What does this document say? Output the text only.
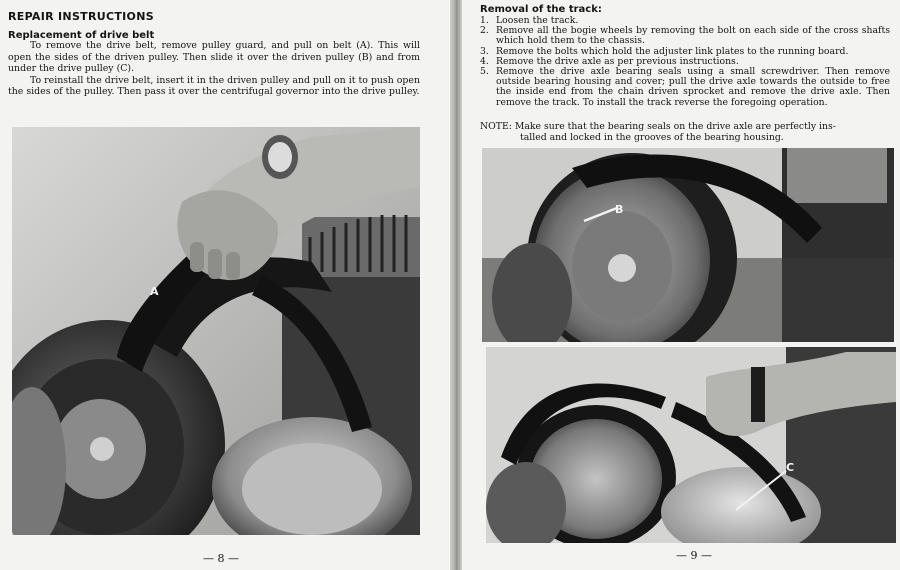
REPAIR INSTRUCTIONS
Replacement of drive belt

To remove the drive belt, remove pulley guard, and pull on belt (A). This will open the sides of the driven pulley. Then slide it over the driven pulley (B) and from under the drive pulley (C).

To reinstall the drive belt, insert it in the driven pulley and pull on it to push open the sides of the pulley. Then pass it over the centrifugal governor into the drive pulley.

A
— 8 —
Removal of the track:
1. Loosen the track.
2. Remove all the bogie wheels by removing the bolt on each side of the cross shafts which hold them to the chassis.
3. Remove the bolts which hold the adjuster link plates to the running board.
4. Remove the drive axle as per previous instructions.
5. Remove the drive axle bearing seals using a small screwdriver. Then remove outside bearing housing and cover; pull the drive axle towards the outside to free the inside end from the chain driven sprocket and remove the drive axle. Then remove the track. To install the track reverse the foregoing operation.
NOTE: Make sure that the bearing seals on the drive axle are perfectly ins-
talled and locked in the grooves of the bearing housing.
B
C
— 9 —
